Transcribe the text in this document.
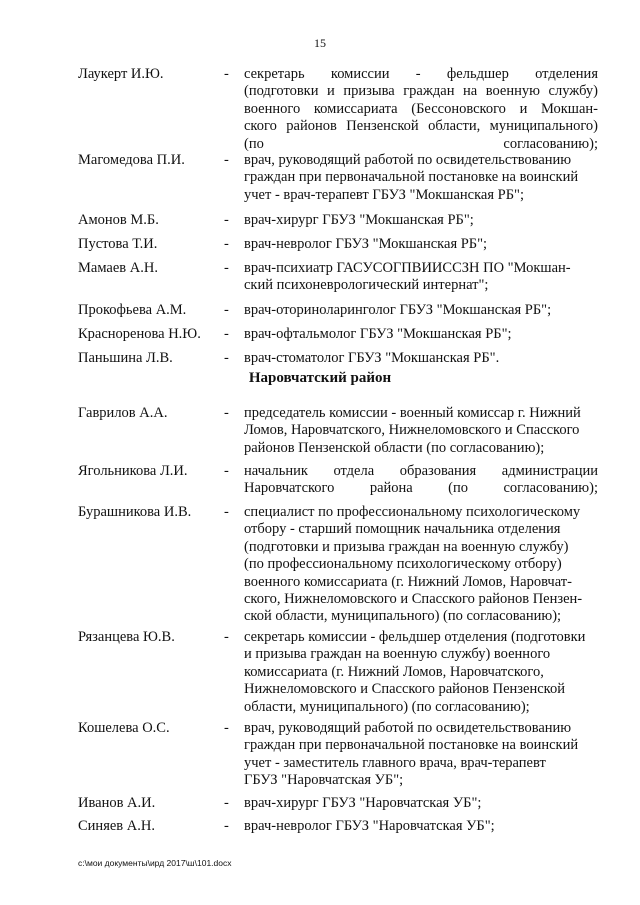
15
Лаукерт И.Ю.	- секретарь комиссии - фельдшер отделения
(подготовки и призыва граждан на военную службу)
военного комиссариата (Бессоновского и Мокшан-
ского районов Пензенской области, муниципального)
(по согласованию);
Магомедова П.И.	- врач, руководящий работой по освидетельствованию
граждан при первоначальной постановке на воинский
учет - врач-терапевт ГБУЗ "Мокшанская РБ";
Амонов М.Б.	- врач-хирург ГБУЗ "Мокшанская РБ";
Пустова Т.И.	- врач-невролог ГБУЗ "Мокшанская РБ";
Мамаев А.Н.	- врач-психиатр ГАСУСОГПВИИССЗН ПО "Мокшан-
ский психоневрологический интернат";
Прокофьева А.М.	- врач-оториноларинголог ГБУЗ "Мокшанская РБ";
Красноренова Н.Ю. - врач-офтальмолог ГБУЗ "Мокшанская РБ";
Паньшина Л.В.	- врач-стоматолог ГБУЗ "Мокшанская РБ".
Наровчатский район
Гаврилов А.А.	- председатель комиссии - военный комиссар г. Нижний
Ломов, Наровчатского, Нижнеломовского и Спасского
районов Пензенской области (по согласованию);
Ягольникова Л.И.	- начальник отдела образования администрации
Наровчатского района (по согласованию);
Бурашникова И.В. - специалист по профессиональному психологическому
отбору - старший помощник начальника отделения
(подготовки и призыва граждан на военную службу)
(по профессиональному психологическому отбору)
военного комиссариата (г. Нижний Ломов, Наровчат-
ского, Нижнеломовского и Спасского районов Пензен-
ской области, муниципального) (по согласованию);
Рязанцева Ю.В.	- секретарь комиссии - фельдшер отделения (подготовки
и призыва граждан на военную службу) военного
комиссариата (г. Нижний Ломов, Наровчатского,
Нижнеломовского и Спасского районов Пензенской
области, муниципального) (по согласованию);
Кошелева О.С.	- врач, руководящий работой по освидетельствованию
граждан при первоначальной постановке на воинский
учет - заместитель главного врача, врач-терапевт
ГБУЗ "Наровчатская УБ";
Иванов А.И.	- врач-хирург ГБУЗ "Наровчатская УБ";
Синяев А.Н.	- врач-невролог ГБУЗ "Наровчатская УБ";
c:\мои документы\ирд 2017\ш\101.docx
